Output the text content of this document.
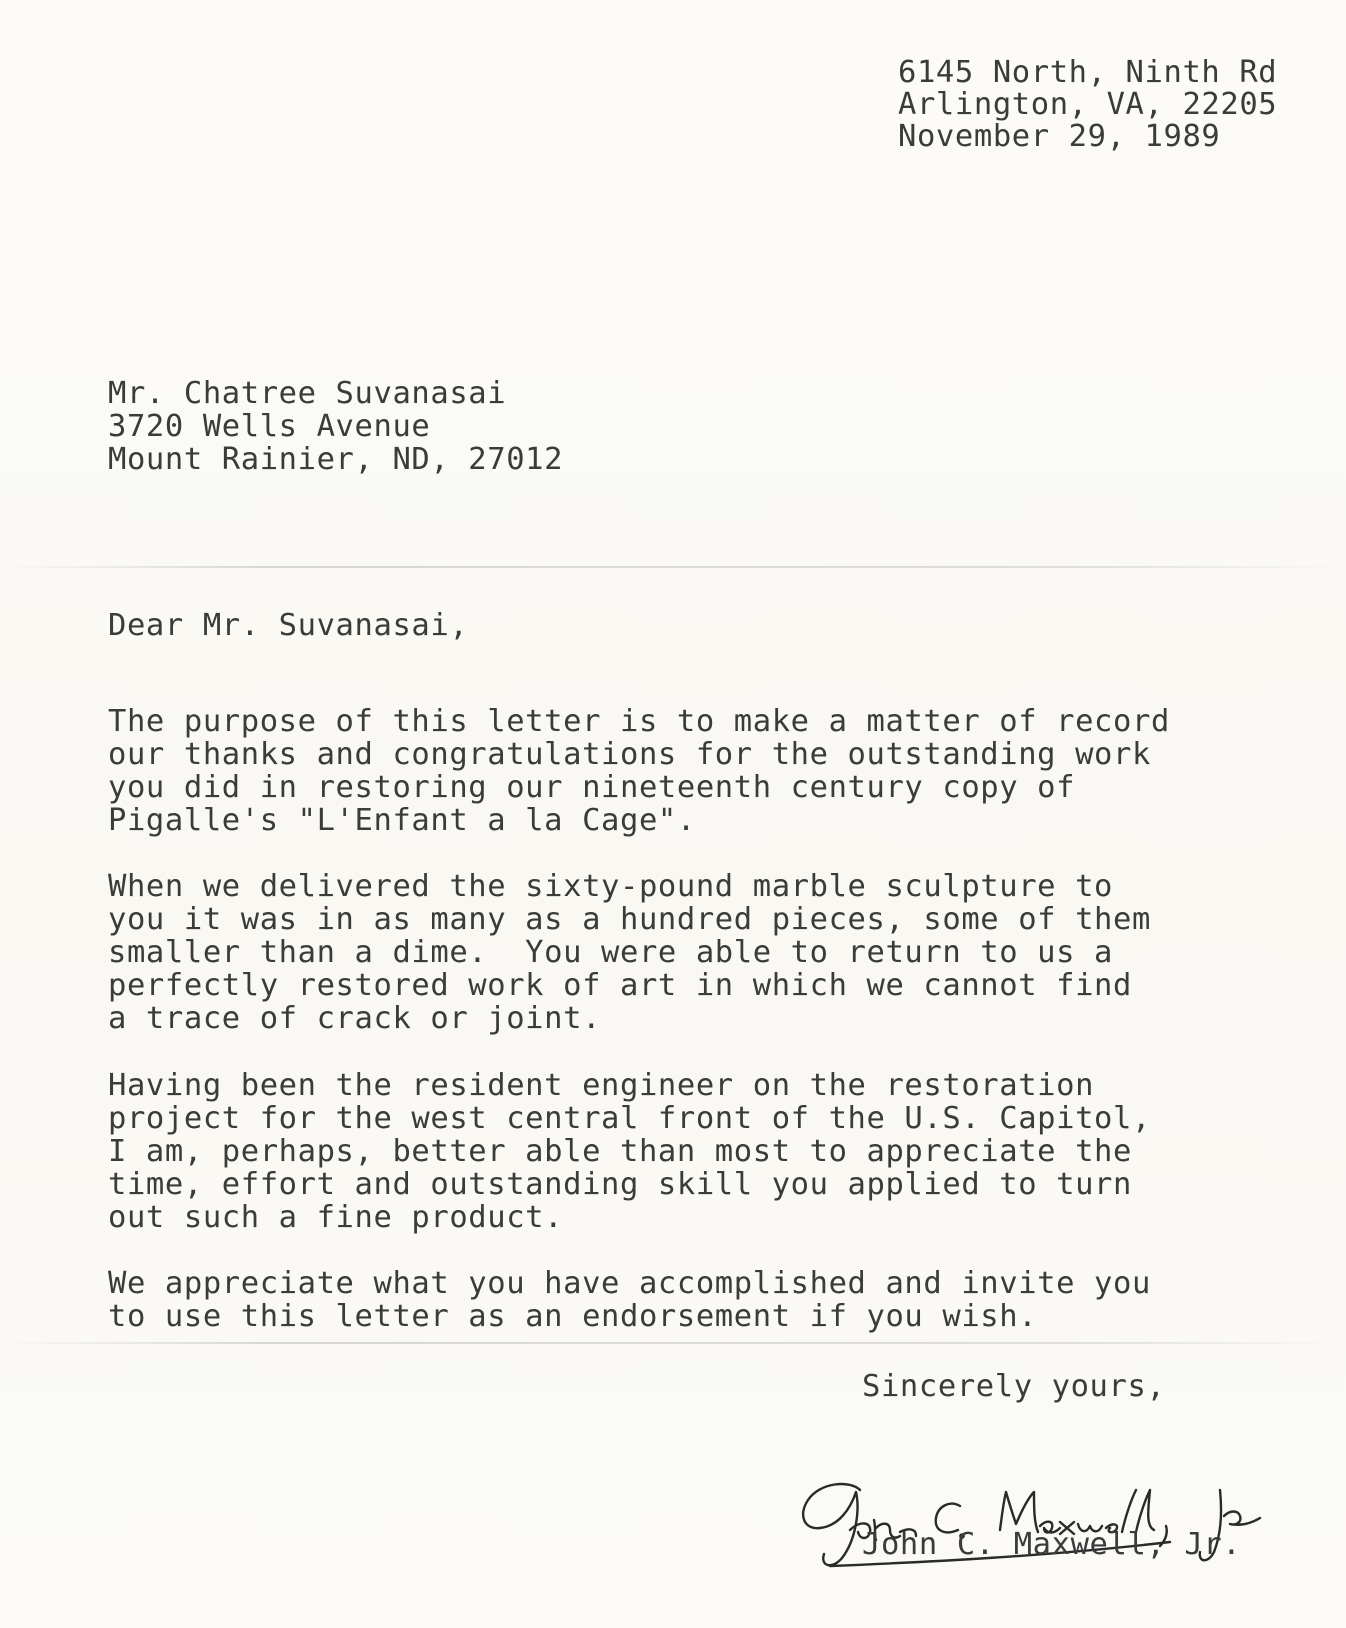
6145 North, Ninth Rd
Arlington, VA, 22205
November 29, 1989
Mr. Chatree Suvanasai
3720 Wells Avenue
Mount Rainier, ND, 27012
Dear Mr. Suvanasai,
The purpose of this letter is to make a matter of record
our thanks and congratulations for the outstanding work
you did in restoring our nineteenth century copy of
Pigalle's "L'Enfant a la Cage".
When we delivered the sixty-pound marble sculpture to
you it was in as many as a hundred pieces, some of them
smaller than a dime.  You were able to return to us a
perfectly restored work of art in which we cannot find
a trace of crack or joint.
Having been the resident engineer on the restoration
project for the west central front of the U.S. Capitol,
I am, perhaps, better able than most to appreciate the
time, effort and outstanding skill you applied to turn
out such a fine product.
We appreciate what you have accomplished and invite you
to use this letter as an endorsement if you wish.
Sincerely yours,
John C. Maxwell, Jr.
